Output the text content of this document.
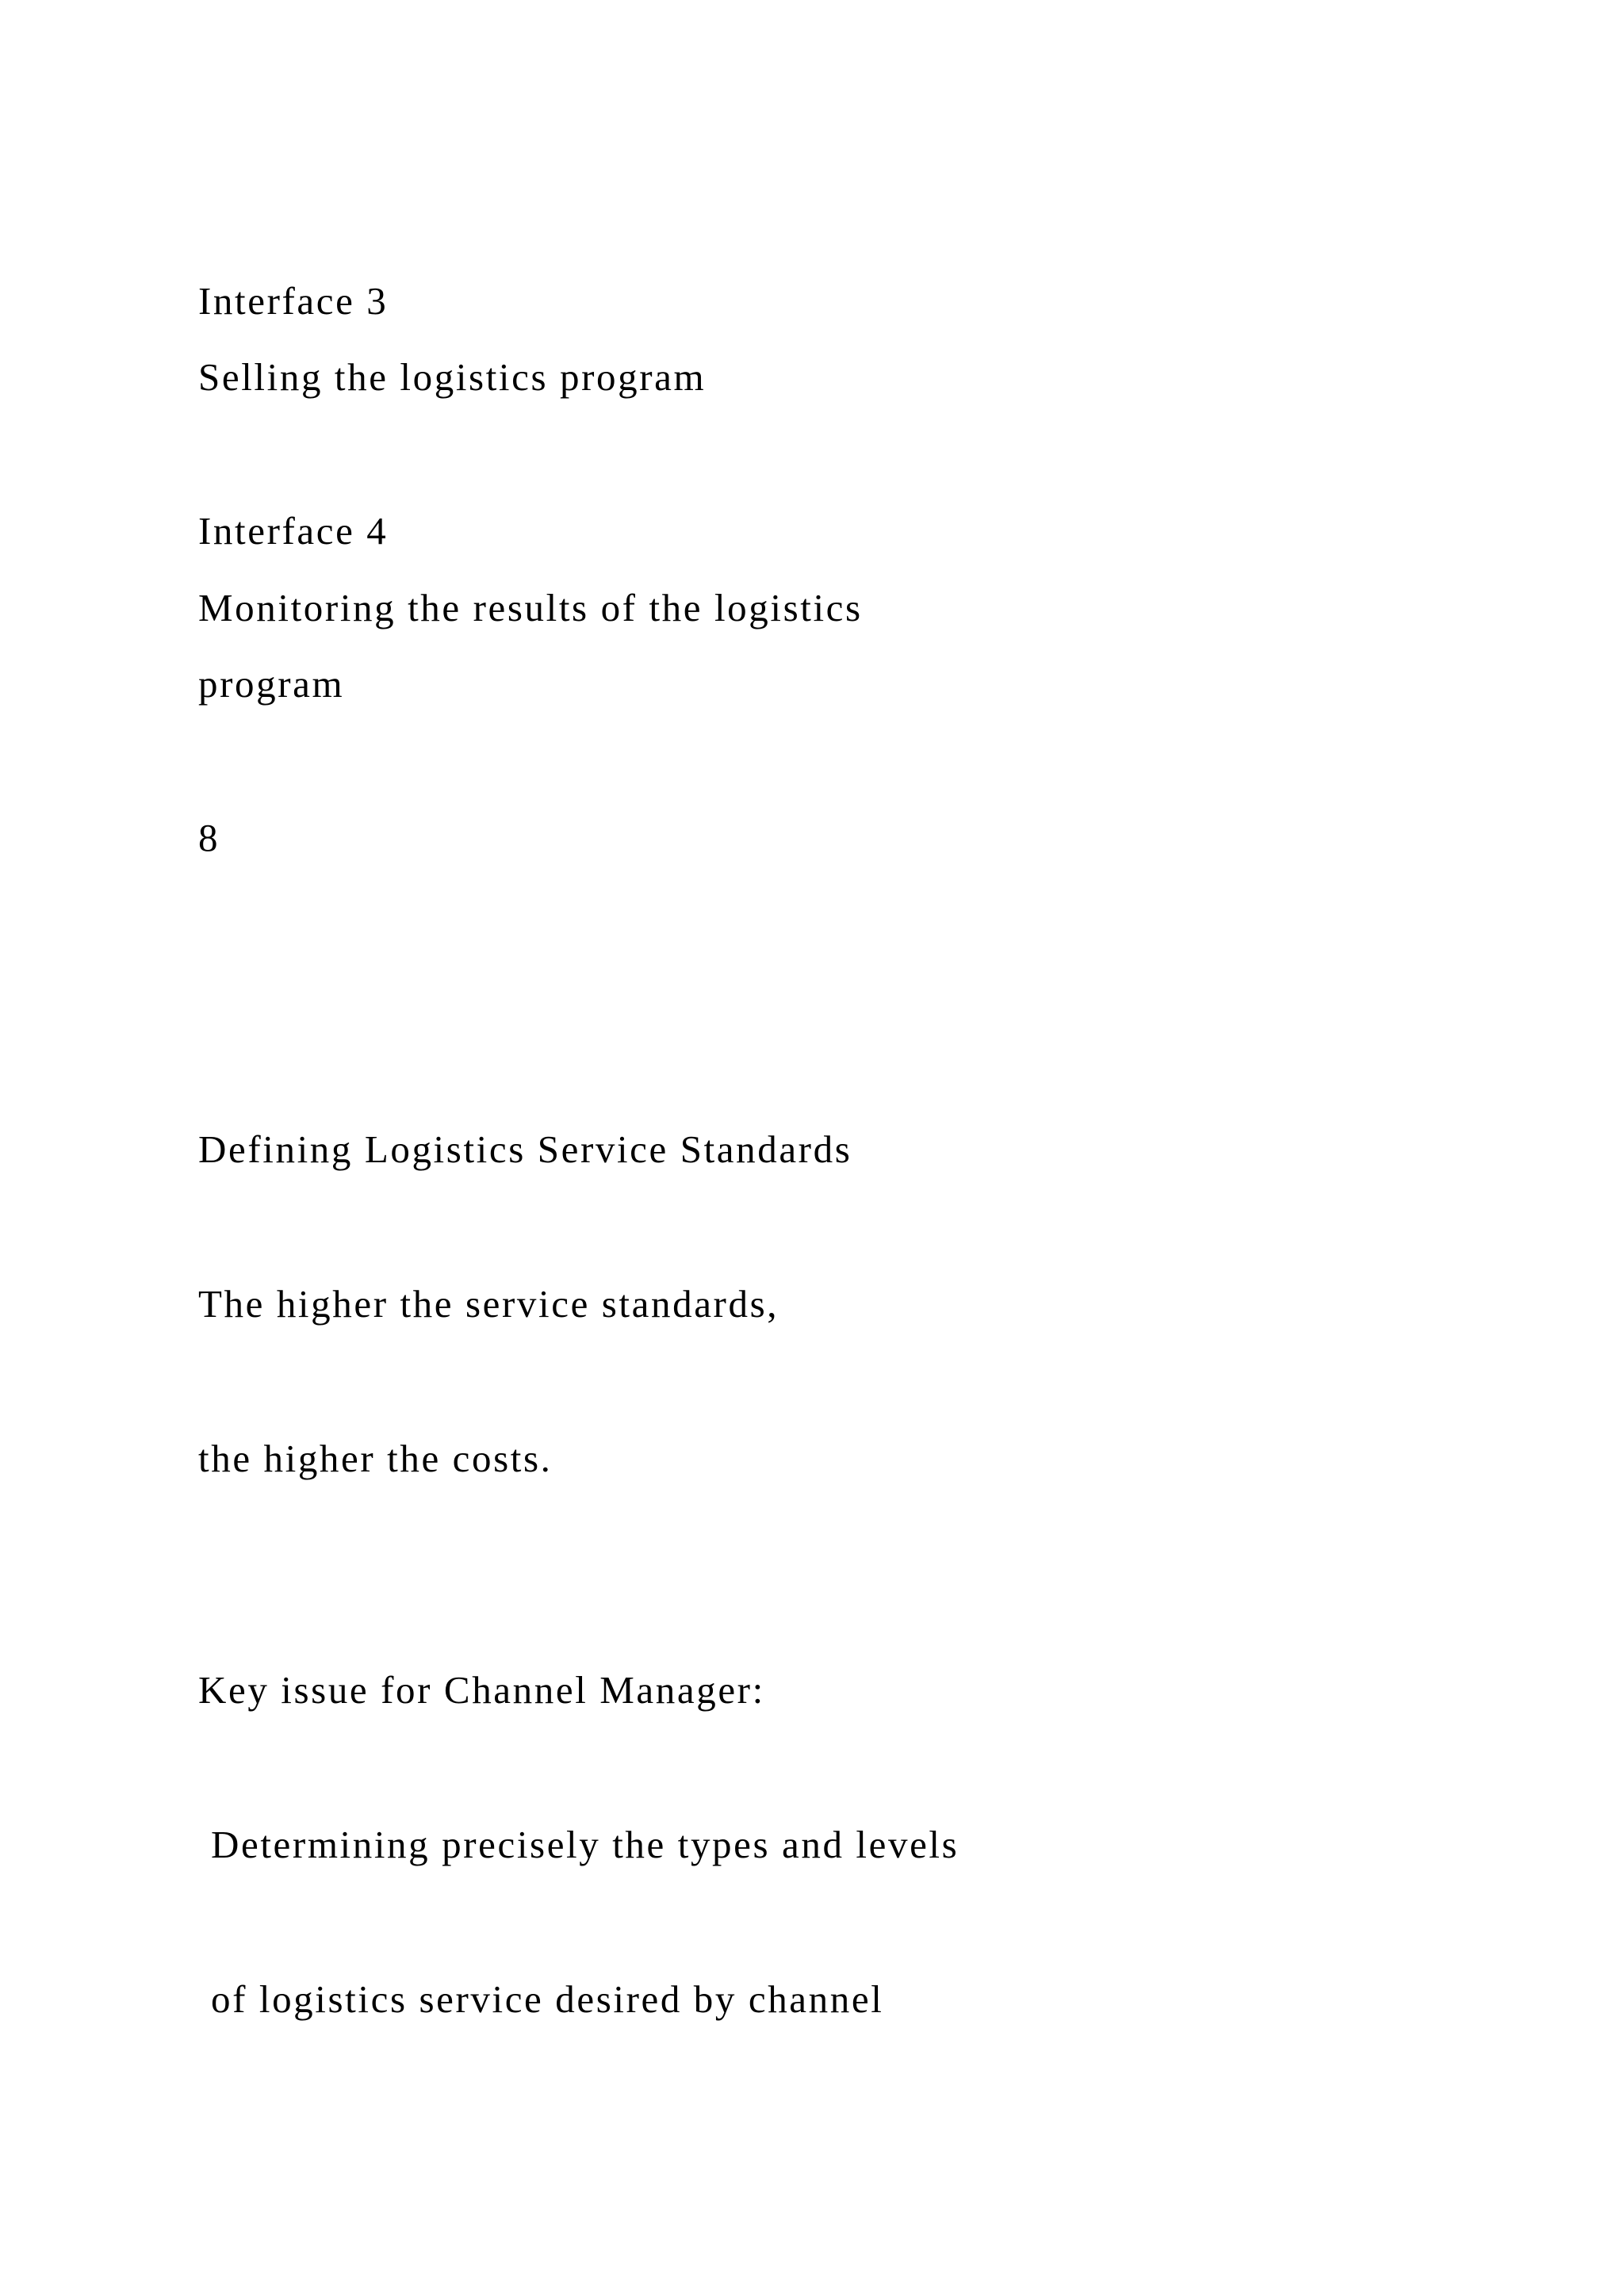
Interface 3

Selling the logistics program

Interface 4

Monitoring the results of the logistics

program

8

Defining Logistics Service Standards

The higher the service standards,

the higher the costs.

Key issue for Channel Manager:

Determining precisely the types and levels

of logistics service desired by channel
